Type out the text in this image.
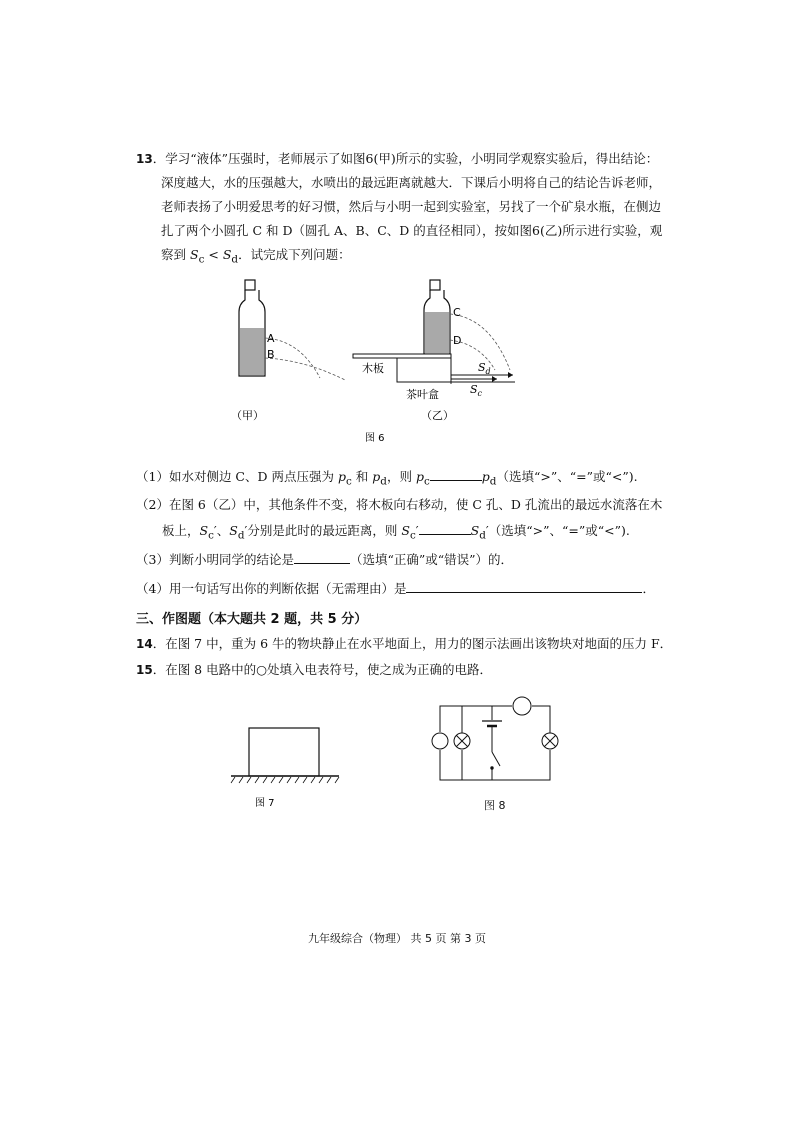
13．学习“液体”压强时，老师展示了如图6(甲)所示的实验，小明同学观察实验后，得出结论：
深度越大，水的压强越大，水喷出的最远距离就越大．下课后小明将自己的结论告诉老师，
老师表扬了小明爱思考的好习惯，然后与小明一起到实验室，另找了一个矿泉水瓶，在侧边
扎了两个小圆孔 C 和 D（圆孔 A、B、C、D 的直径相同），按如图6(乙)所示进行实验，观
察到 $S_c < S_d$．试完成下列问题：
A
B
C
D
$S_d$
$S_c$
木板
茶叶盒
（甲）	（乙）
图 6
（1）如水对侧边 C、D 两点压强为 $p_c$ 和 $p_d$，则 $p_c$	$p_d$（选填“>”、“=”或“<”).
（2）在图 6（乙）中，其他条件不变，将木板向右移动，使 C 孔、D 孔流出的最远水流落在木
板上，$S_c'$、$S_d'$分别是此时的最远距离，则 $S_c'$	$S_d'$（选填“>”、“=”或“<”).
（3）判断小明同学的结论是	（选填“正确”或“错误”）的．
（4）用一句话写出你的判断依据（无需理由）是	．
三、作图题（本大题共 2 题，共 5 分）
14．在图 7 中，重为 6 牛的物块静止在水平地面上，用力的图示法画出该物块对地面的压力 F．
15．在图 8 电路中的○处填入电表符号，使之成为正确的电路．
图 7	图 8
九年级综合（物理） 共 5 页 第 3 页
